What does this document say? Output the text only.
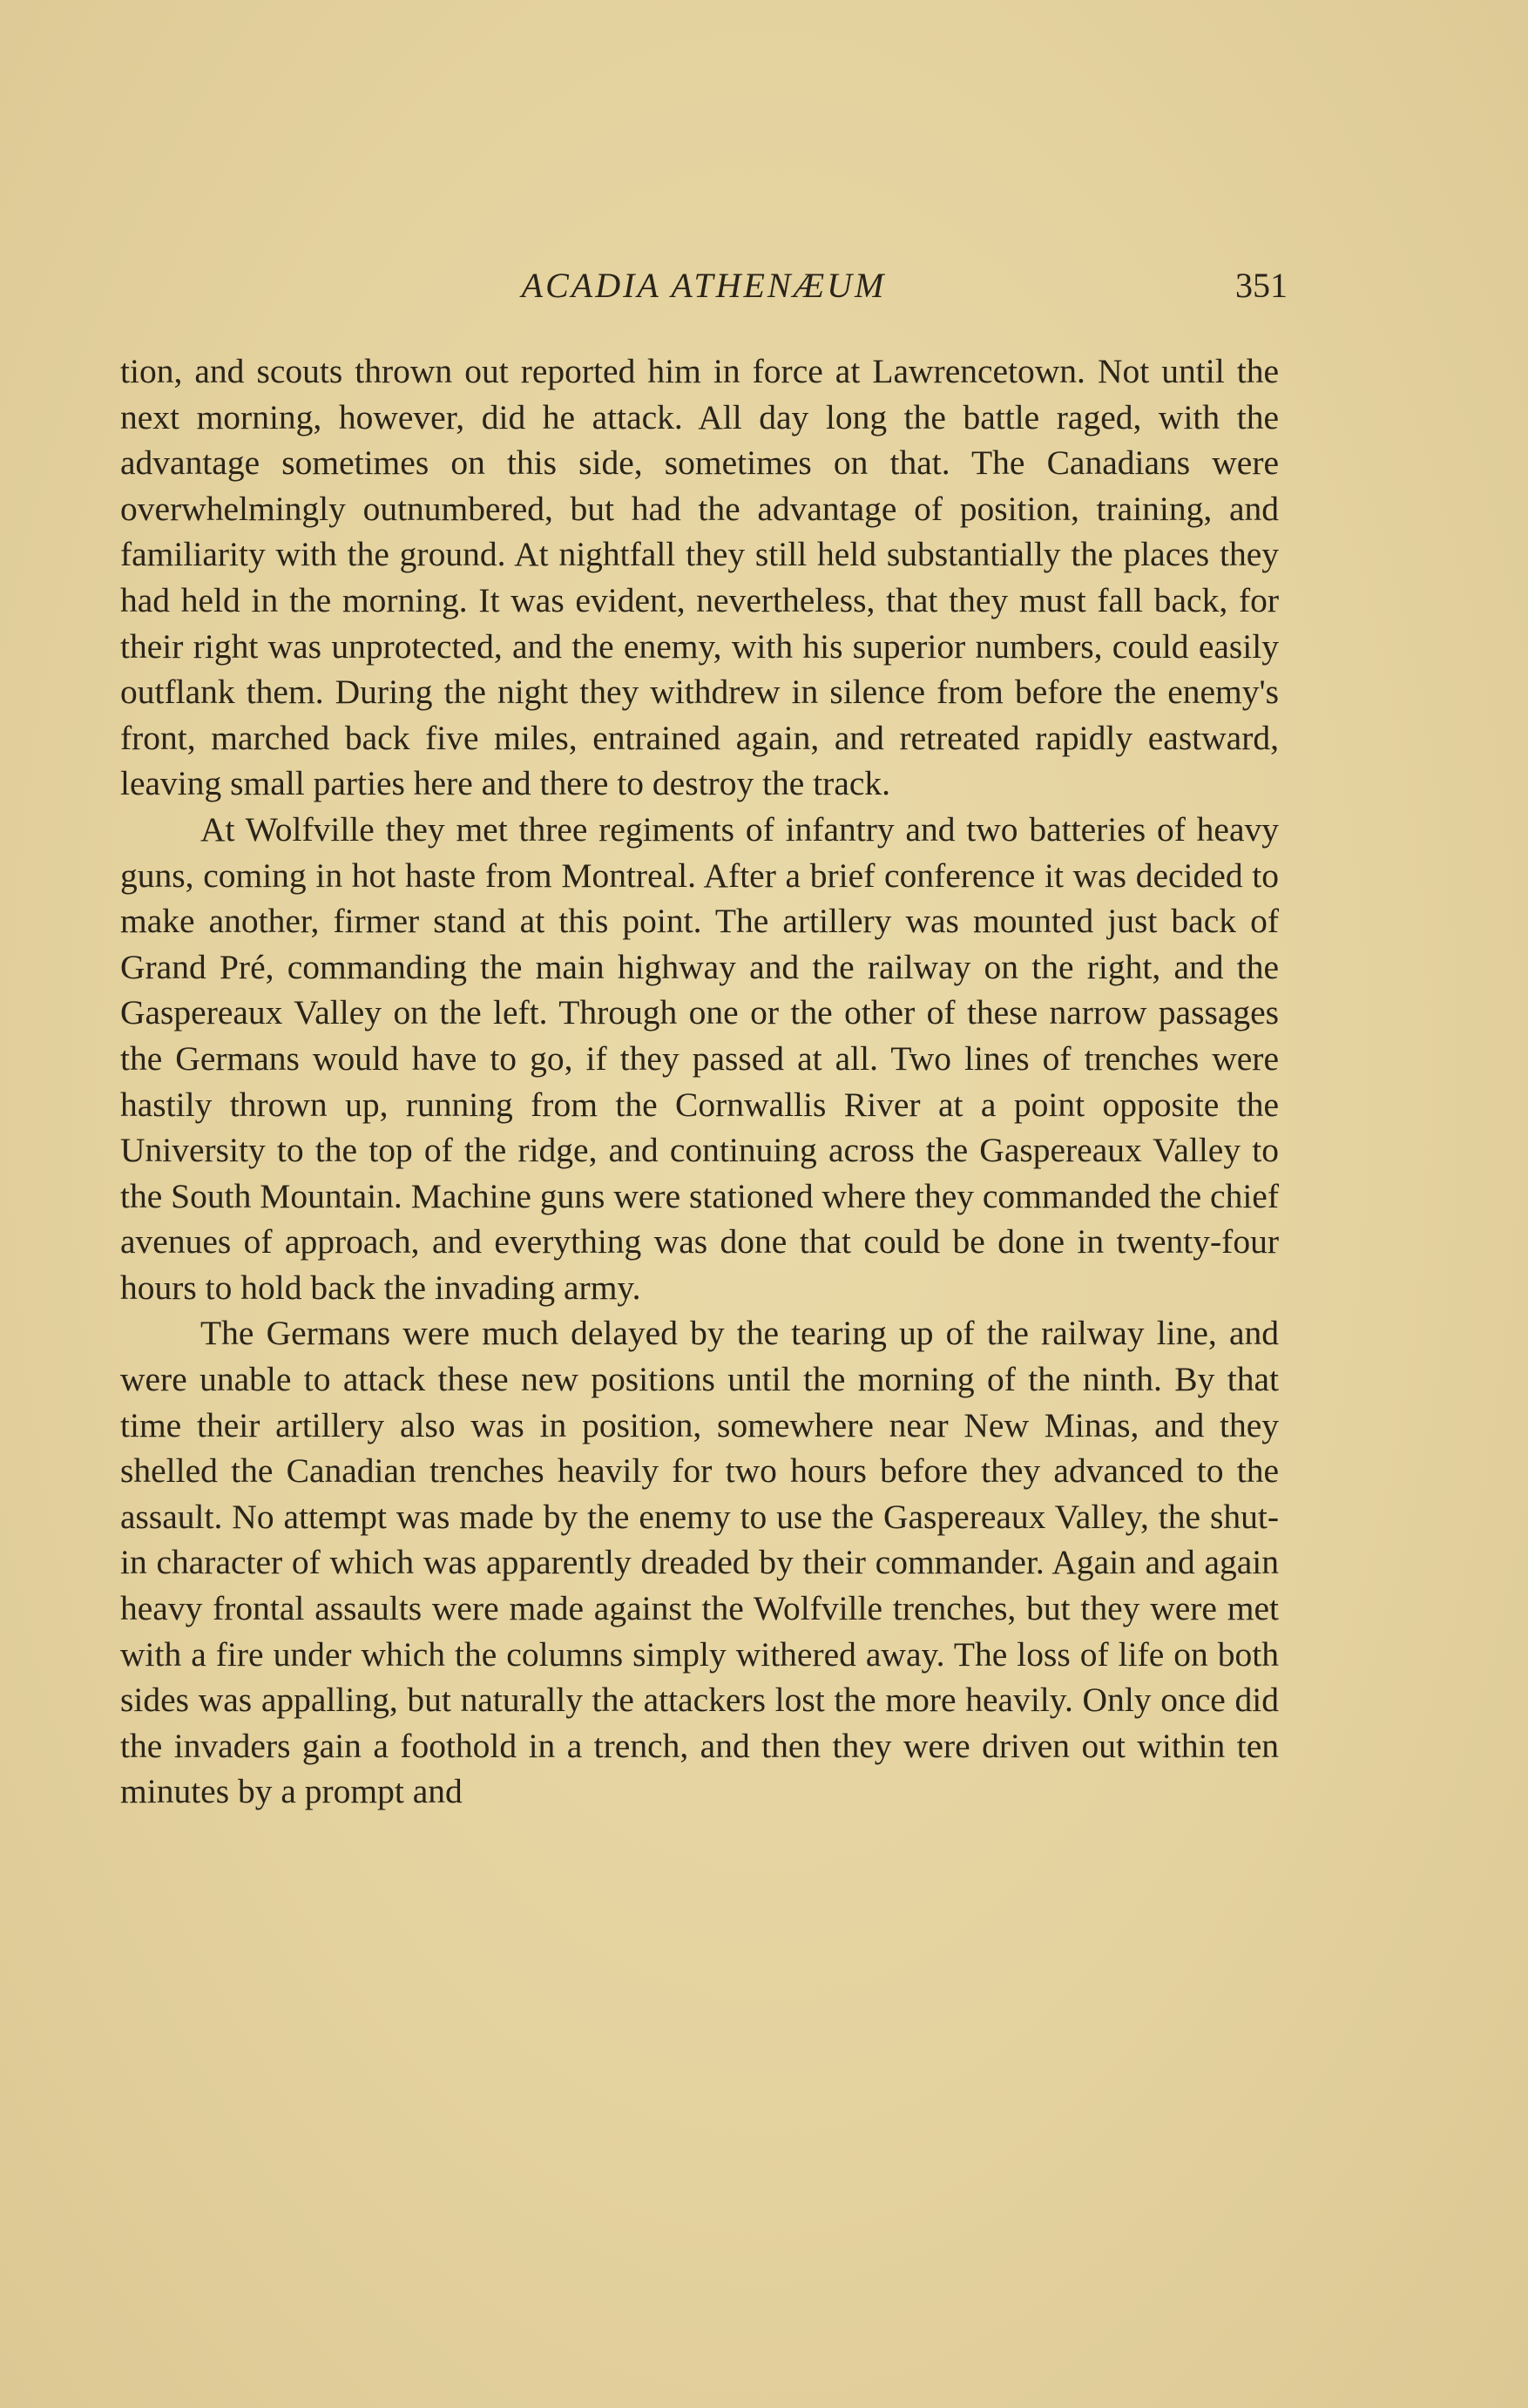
ACADIA ATHENÆUM	351

tion, and scouts thrown out reported him in force at Lawrencetown. Not until the next morning, however, did he attack. All day long the battle raged, with the advantage sometimes on this side, sometimes on that. The Canadians were overwhelmingly outnumbered, but had the advantage of position, training, and familiarity with the ground. At nightfall they still held substantially the places they had held in the morning. It was evident, nevertheless, that they must fall back, for their right was unprotected, and the enemy, with his superior numbers, could easily outflank them. During the night they withdrew in silence from before the enemy's front, marched back five miles, entrained again, and retreated rapidly eastward, leaving small parties here and there to destroy the track.

At Wolfville they met three regiments of infantry and two batteries of heavy guns, coming in hot haste from Montreal. After a brief conference it was decided to make another, firmer stand at this point. The artillery was mounted just back of Grand Pré, commanding the main highway and the railway on the right, and the Gaspereaux Valley on the left. Through one or the other of these narrow passages the Germans would have to go, if they passed at all. Two lines of trenches were hastily thrown up, running from the Cornwallis River at a point opposite the University to the top of the ridge, and continuing across the Gaspereaux Valley to the South Mountain. Machine guns were stationed where they commanded the chief avenues of approach, and everything was done that could be done in twenty-four hours to hold back the invading army.

The Germans were much delayed by the tearing up of the railway line, and were unable to attack these new positions until the morning of the ninth. By that time their artillery also was in position, somewhere near New Minas, and they shelled the Canadian trenches heavily for two hours before they advanced to the assault. No attempt was made by the enemy to use the Gaspereaux Valley, the shut-in character of which was apparently dreaded by their commander. Again and again heavy frontal assaults were made against the Wolfville trenches, but they were met with a fire under which the columns simply withered away. The loss of life on both sides was appalling, but naturally the attackers lost the more heavily. Only once did the invaders gain a foothold in a trench, and then they were driven out within ten minutes by a prompt and
